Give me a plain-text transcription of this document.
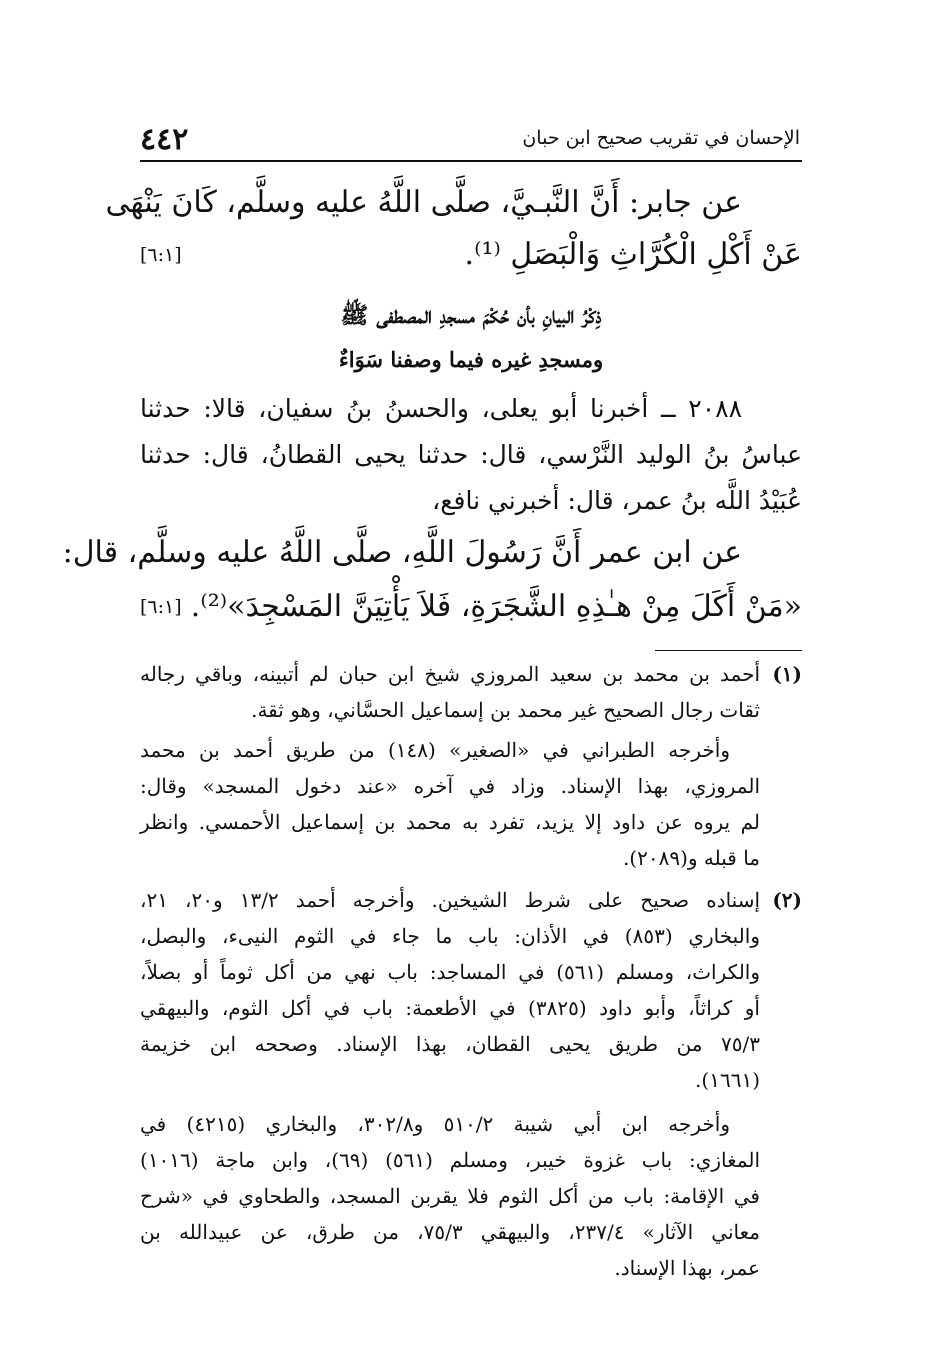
٤٤٢	الإحسان في تقريب صحيح ابن حبان
عن جابر: أَنَّ النَّبـيَّ، صلَّى اللَّهُ عليه وسلَّم، كَانَ يَنْهَى
عَنْ أَكْلِ الْكُرَّاثِ وَالْبَصَلِ ⁽¹⁾.
[٦:١]
ذِكْرُ البيانِ بأن حُكْمَ مسجدِ المصطفى ﷺ
ومسجدِ غيره فيما وصفنا سَوَاءٌ
٢٠٨٨ ــ أخبرنا أبو يعلى، والحسنُ بنُ سفيان، قالا: حدثنا
عباسُ بنُ الوليد النَّرْسي، قال: حدثنا يحيى القطانُ، قال: حدثنا
عُبَيْدُ اللَّه بنُ عمر، قال: أخبرني نافع،
عن ابن عمر أَنَّ رَسُولَ اللَّهِ، صلَّى اللَّهُ عليه وسلَّم، قال:
«مَنْ أَكَلَ مِنْ هـٰذِهِ الشَّجَرَةِ، فَلاَ يَأْتِيَنَّ المَسْجِدَ»⁽²⁾.
[٦:١]
(١)
أحمد بن محمد بن سعيد المروزي شيخ ابن حبان لم أتبينه، وباقي رجاله
ثقات رجال الصحيح غير محمد بن إسماعيل الحسَّاني، وهو ثقة.
وأخرجه الطبراني في «الصغير» (١٤٨) من طريق أحمد بن محمد
المروزي، بهذا الإسناد. وزاد في آخره «عند دخول المسجد» وقال:
لم يروه عن داود إلا يزيد، تفرد به محمد بن إسماعيل الأحمسي. وانظر
ما قبله و(٢٠٨٩).
(٢)
إسناده صحيح على شرط الشيخين. وأخرجه أحمد ١٣/٢ و٢٠، ٢١،
والبخاري (٨٥٣) في الأذان: باب ما جاء في الثوم النيىء، والبصل،
والكراث، ومسلم (٥٦١) في المساجد: باب نهي من أكل ثوماً أو بصلاً،
أو كراثاً، وأبو داود (٣٨٢٥) في الأطعمة: باب في أكل الثوم، والبيهقي
٧٥/٣ من طريق يحيى القطان، بهذا الإسناد. وصححه ابن خزيمة
(١٦٦١).
وأخرجه ابن أبي شيبة ٥١٠/٢ و٣٠٢/٨، والبخاري (٤٢١٥) في
المغازي: باب غزوة خيبر، ومسلم (٥٦١) (٦٩)، وابن ماجة (١٠١٦)
في الإقامة: باب من أكل الثوم فلا يقربن المسجد، والطحاوي في «شرح
معاني الآثار» ٢٣٧/٤، والبيهقي ٧٥/٣، من طرق، عن عبيدالله بن
عمر، بهذا الإسناد.
